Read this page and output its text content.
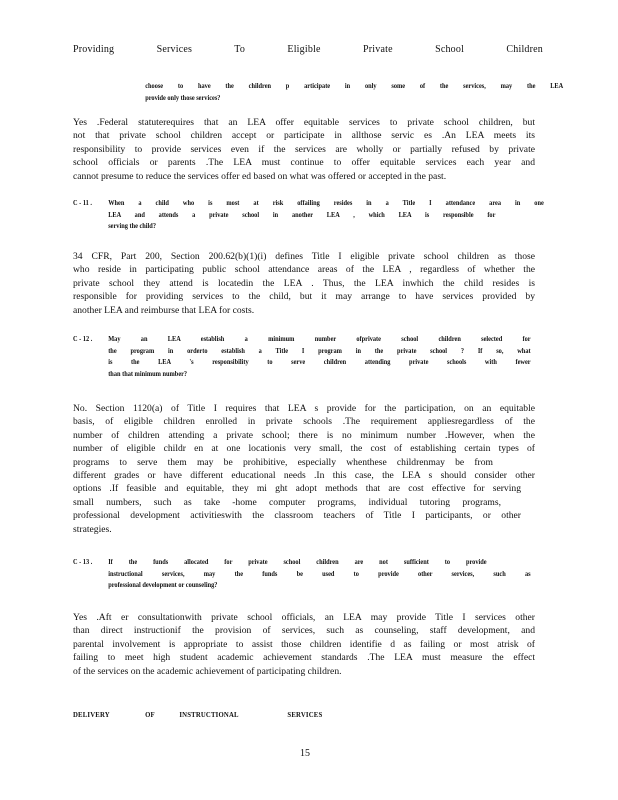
Providing Services To Eligible Private School Children
choose to have the children p articipate in only some of the services, may the LEA
provide only those services?
Yes .Federal statuterequires that an LEA offer equitable services to private school children, but
not that private school children accept or participate in allthose servic es .An LEA meets its
responsibility to provide services even if the services are wholly or partially refused by private
school officials or parents .The LEA must continue to offer equitable services each year and
cannot presume to reduce the services offer ed based on what was offered or accepted in the past.
C - 11 .	When a child who is most at risk offailing resides in a Title I attendance area in one
LEA and attends a private school in another LEA , which LEA is responsible for
serving the child?
34 CFR, Part 200, Section 200.62(b)(1)(i) defines Title I eligible private school children as those
who reside in participating public school attendance areas of the LEA , regardless of whether the
private school they attend is locatedin the LEA . Thus, the LEA inwhich the child resides is
responsible for providing services to the child, but it may arrange to have services provided by
another LEA and reimburse that LEA for costs.
C - 12 .	May an LEA establish a minimum number ofprivate school children selected for
the program in orderto establish a Title I program in the private school ? If so, what
is the LEA 's responsibility to serve children attending private schools with fewer
than that minimum number?
No. Section 1120(a) of Title I requires that LEA s provide for the participation, on an equitable
basis, of eligible children enrolled in private schools .The requirement appliesregardless of the
number of children attending a private school; there is no minimum number .However, when the
number of eligible childr en at one locationis very small, the cost of establishing certain types of
programs to serve them may be prohibitive, especially whenthese childrenmay be from
different grades or have different educational needs .In this case, the LEA s should consider other
options .If feasible and equitable, they mi ght adopt methods that are cost effective for serving
small numbers, such as take -home computer programs, individual tutoring programs,
professional development activitieswith the classroom teachers of Title I participants, or other
strategies.
C - 13 .	If the funds allocated for private school children are not sufficient to provide
instructional services, may the funds be used to provide other services, such as
professional development or counseling?
Yes .Aft er consultationwith private school officials, an LEA may provide Title I services other
than direct instructionif the provision of services, such as counseling, staff development, and
parental involvement is appropriate to assist those children identifie d as failing or most atrisk of
failing to meet high student academic achievement standards .The LEA must measure the effect
of the services on the academic achievement of participating children.
DELIVERY	OF	INSTRUCTIONAL	SERVICES
15
